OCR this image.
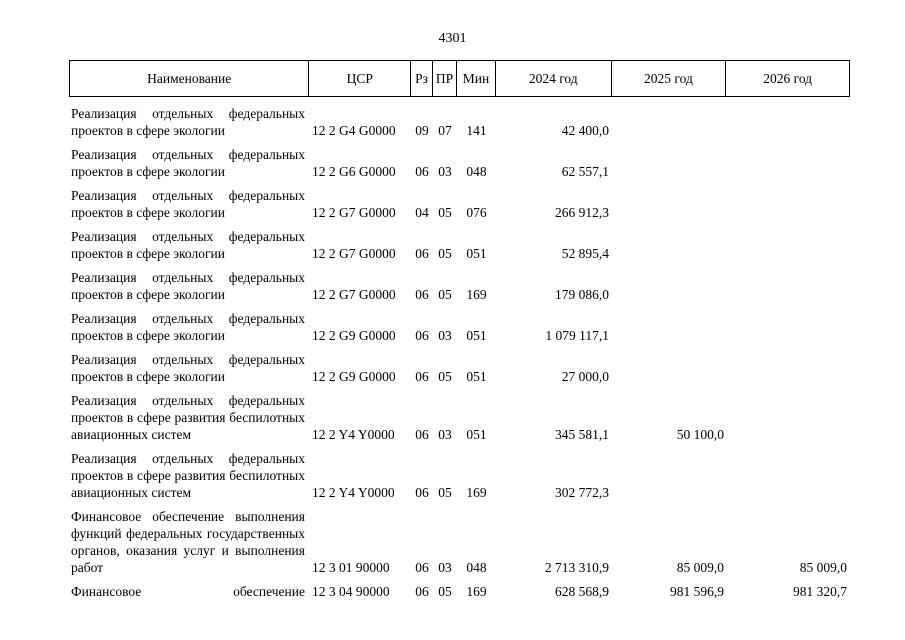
4301
Наименование	ЦСР	Рз ПР Мин	2024 год	2025 год	2026 год
Реализация отдельных федеральных проектов в сфере экологии	12 2 G4 G0000	09 07	141	42 400,0
Реализация отдельных федеральных проектов в сфере экологии	12 2 G6 G0000	06 03	048	62 557,1
Реализация отдельных федеральных проектов в сфере экологии	12 2 G7 G0000	04 05	076	266 912,3
Реализация отдельных федеральных проектов в сфере экологии	12 2 G7 G0000	06 05	051	52 895,4
Реализация отдельных федеральных проектов в сфере экологии	12 2 G7 G0000	06 05	169	179 086,0
Реализация отдельных федеральных проектов в сфере экологии	12 2 G9 G0000	06 03	051	1 079 117,1
Реализация отдельных федеральных проектов в сфере экологии	12 2 G9 G0000	06 05	051	27 000,0
Реализация отдельных федеральных проектов в сфере развития беспилотных авиационных систем	12 2 Y4 Y0000	06 03	051	345 581,1	50 100,0
Реализация отдельных федеральных проектов в сфере развития беспилотных авиационных систем	12 2 Y4 Y0000	06 05	169	302 772,3
Финансовое обеспечение выполнения функций федеральных государственных органов, оказания услуг и выполнения работ	12 3 01 90000	06 03	048	2 713 310,9	85 009,0	85 009,0
Финансовое обеспечение 12 3 04 90000	06 05	169	628 568,9	981 596,9	981 320,7
